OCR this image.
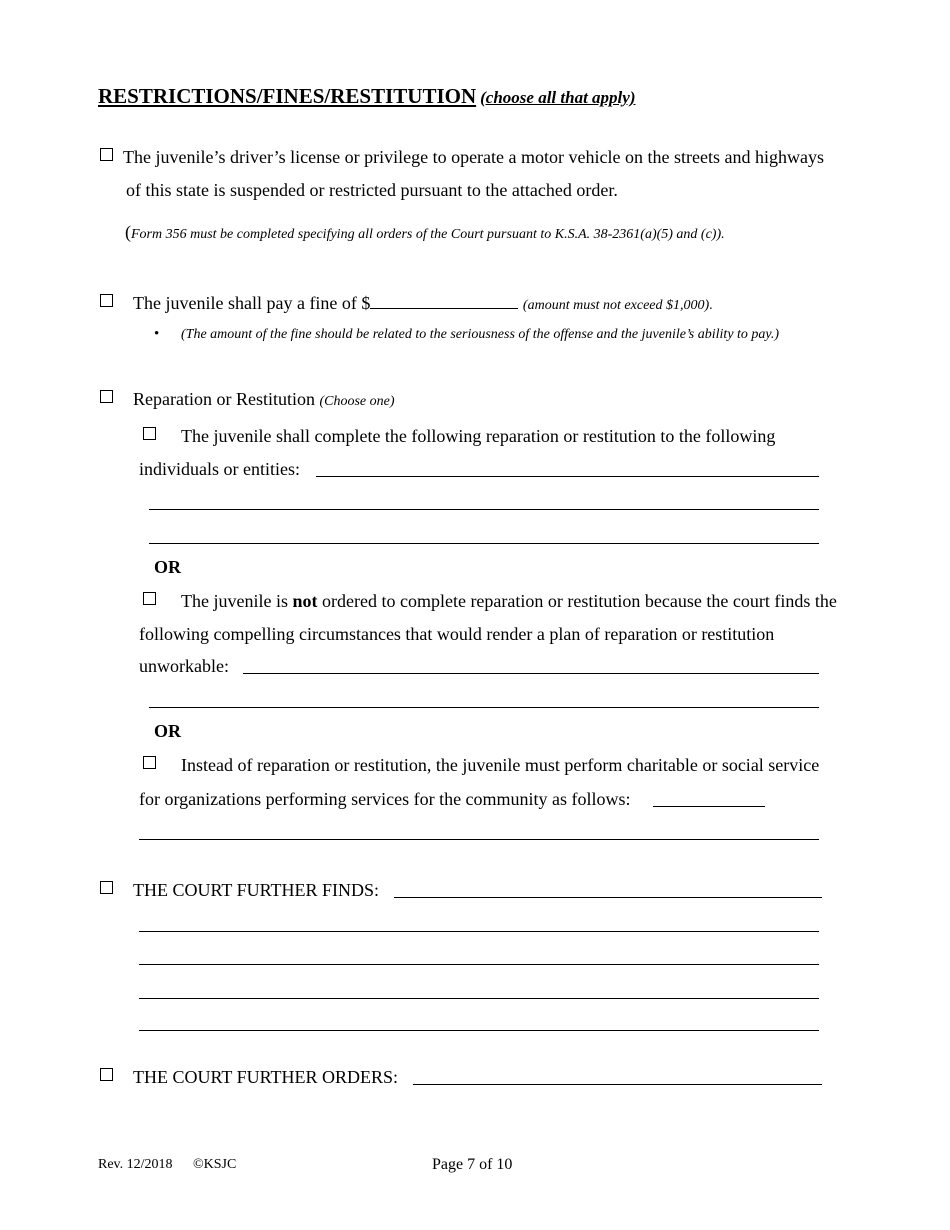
RESTRICTIONS/FINES/RESTITUTION (choose all that apply)
The juvenile’s driver’s license or privilege to operate a motor vehicle on the streets and highways
of this state is suspended or restricted pursuant to the attached order.
(Form 356 must be completed specifying all orders of the Court pursuant to K.S.A. 38-2361(a)(5) and (c)).
The juvenile shall pay a fine of $	(amount must not exceed $1,000).
• (The amount of the fine should be related to the seriousness of the offense and the juvenile’s ability to pay.)
Reparation or Restitution (Choose one)
The juvenile shall complete the following reparation or restitution to the following
individuals or entities:
OR
The juvenile is not ordered to complete reparation or restitution because the court finds the
following compelling circumstances that would render a plan of reparation or restitution
unworkable:
OR
Instead of reparation or restitution, the juvenile must perform charitable or social service
for organizations performing services for the community as follows:
THE COURT FURTHER FINDS:
THE COURT FURTHER ORDERS:
Rev. 12/2018 ©KSJC	Page 7 of 10
